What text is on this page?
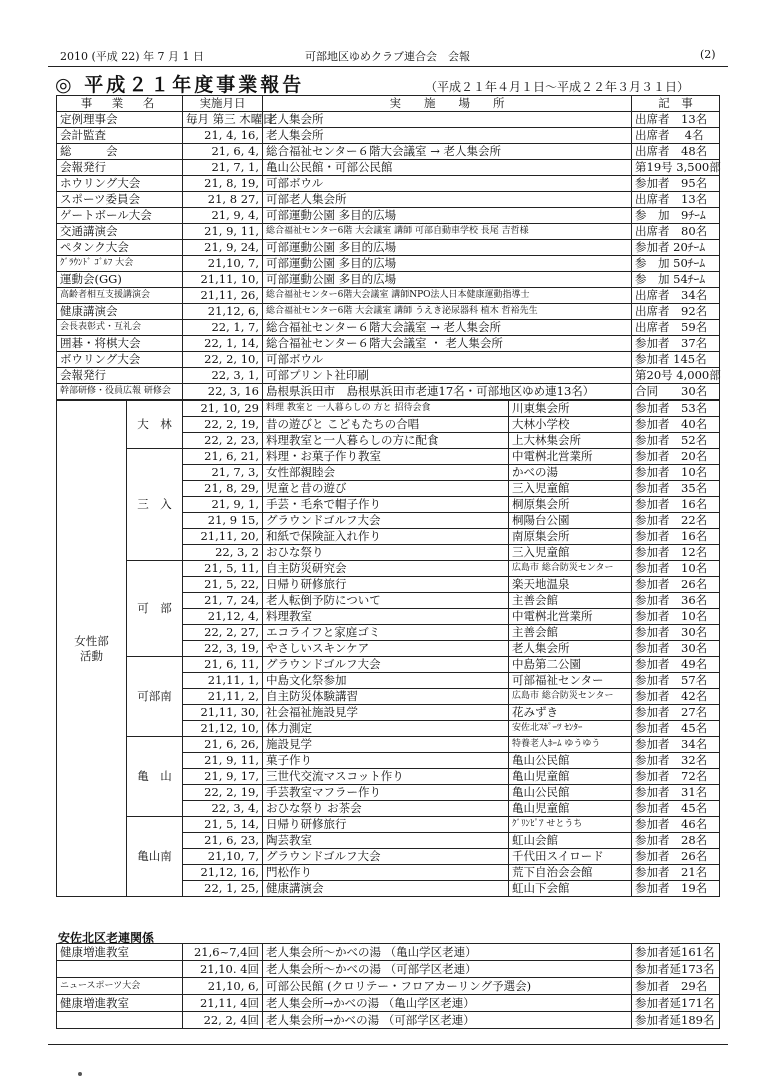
2010 (平成 22) 年 7 月 1 日	可部地区ゆめクラブ連合会　会報	(2)
◎ 平成２１年度事業報告	（平成２１年４月１日～平成２２年３月３１日）
事　業　名		実施月日	実　　施　　場　　所		記　事
定例理事会		毎月 第三 木曜日	老人集会所		出席者　13名
会計監査		21, 4, 16,	老人集会所		出席者　 4名
総　　　会		21, 6, 4,	総合福祉センター６階大会議室 → 老人集会所		出席者　48名
会報発行		21, 7, 1,	亀山公民館・可部公民館		第19号 3,500部
ホウリング大会		21, 8, 19,	可部ボウル		参加者　95名
スポーツ委員会		21, 8 27,	可部老人集会所		出席者　13名
ゲートボール大会		21, 9, 4,	可部運動公園 多目的広場		参　加　9ﾁｰﾑ
交通講演会		21, 9, 11,	総合福祉センター6階 大会議室 講師 可部自動車学校 長尾 吉哲様		出席者　80名
ペタンク大会		21, 9, 24,	可部運動公園 多目的広場		参加者 20ﾁｰﾑ
ｸﾞﾗｳﾝﾄﾞ ｺﾞﾙﾌ 大会		21,10, 7,	可部運動公園 多目的広場		参　加 50ﾁｰﾑ
運動会(GG)		21,11, 10,	可部運動公園 多目的広場		参　加 54ﾁｰﾑ
高齢者相互支援講演会		21,11, 26,	総合福祉センター6階大会議室 講師NPO法人日本健康運動指導士		出席者　34名
健康講演会		21,12, 6,	総合福祉センター6階 大会議室 講師 うえき泌尿器科 植木 哲裕先生		出席者　92名
会長表彰式・互礼会		22, 1, 7,	総合福祉センター６階大会議室 → 老人集会所		出席者　59名
囲碁・将棋大会		22, 1, 14,	総合福祉センター６階大会議室 ・ 老人集会所		参加者　37名
ボウリング大会		22, 2, 10,	可部ボウル		参加者 145名
会報発行		22, 3, 1,	可部プリント社印刷		第20号 4,000部
幹部研修・役員広報 研修会		22, 3, 16	島根県浜田市　島根県浜田市老連17名・可部地区ゆめ連13名）		合同　　30名
女性部
活動	大　林	21, 10, 29	料理 教室と 一人暮らしの 方と 招待会食	川東集会所	参加者　53名
		22, 2, 19,	昔の遊びと こどもたちの合唱	大林小学校	参加者　40名
		22, 2, 23,	料理教室と一人暮らしの方に配食	上大林集会所	参加者　52名
	三　入	21, 6, 21,	料理・お菓子作り教室	中電桝北営業所	参加者　20名
		21, 7, 3,	女性部親睦会	かべの湯	参加者　10名
		21, 8, 29,	児童と昔の遊び	三入児童館	参加者　35名
		21, 9, 1,	手芸・毛糸で帽子作り	桐原集会所	参加者　16名
		21, 9 15,	グラウンドゴルフ大会	桐陽台公園	参加者　22名
		21,11, 20,	和紙で保険証入れ作り	南原集会所	参加者　16名
		22, 3, 2	おひな祭り	三入児童館	参加者　12名
	可　部	21, 5, 11,	自主防災研究会	広島市 総合防災センター	参加者　10名
		21, 5, 22,	日帰り研修旅行	楽天地温泉	参加者　26名
		21, 7, 24,	老人転倒予防について	主善会館	参加者　36名
		21,12, 4,	料理教室	中電桝北営業所	参加者　10名
		22, 2, 27,	エコライフと家庭ゴミ	主善会館	参加者　30名
		22, 3, 19,	やさしいスキンケア	老人集会所	参加者　30名
	可部南	21, 6, 11,	グラウンドゴルフ大会	中島第二公園	参加者　49名
		21,11, 1,	中島文化祭参加	可部福祉センター	参加者　57名
		21,11, 2,	自主防災体験講習	広島市 総合防災センター	参加者　42名
		21,11, 30,	社会福祉施設見学	花みずき	参加者　27名
		21,12, 10,	体力測定	安佐北ｽﾎﾟｰﾂ ｾﾝﾀｰ	参加者　45名
	亀　山	21, 6, 26,	施設見学	特養老人ﾎｰﾑ ゆうゆう	参加者　34名
		21, 9, 11,	菓子作り	亀山公民館	参加者　32名
		21, 9, 17,	三世代交流マスコット作り	亀山児童館	参加者　72名
		22, 2, 19,	手芸教室マフラー作り	亀山公民館	参加者　31名
		22, 3, 4,	おひな祭り お茶会	亀山児童館	参加者　45名
	亀山南	21, 5, 14,	日帰り研修旅行	ｸﾞﾘﾝﾋﾟｱ せとうち	参加者　46名
		21, 6, 23,	陶芸教室	虹山会館	参加者　28名
		21,10, 7,	グラウンドゴルフ大会	千代田スイロード	参加者　26名
		21,12, 16,	門松作り	荒下自治会会館	参加者　21名
		22, 1, 25,	健康講演会	虹山下会館	参加者　19名
安佐北区老連関係
健康増進教室	21,6~7,4回	老人集会所～かべの湯 （亀山学区老連）	参加者延161名
	21,10. 4回	老人集会所～かべの湯 （可部学区老連）	参加者延173名
ニュースポーツ大会	21,10, 6,	可部公民館 (クロリテー・フロアカーリング予選会)	参加者　29名
健康増進教室	21,11, 4回	老人集会所→かべの湯 （亀山学区老連）	参加者延171名
	22, 2, 4回	老人集会所→かべの湯 （可部学区老連）	参加者延189名
